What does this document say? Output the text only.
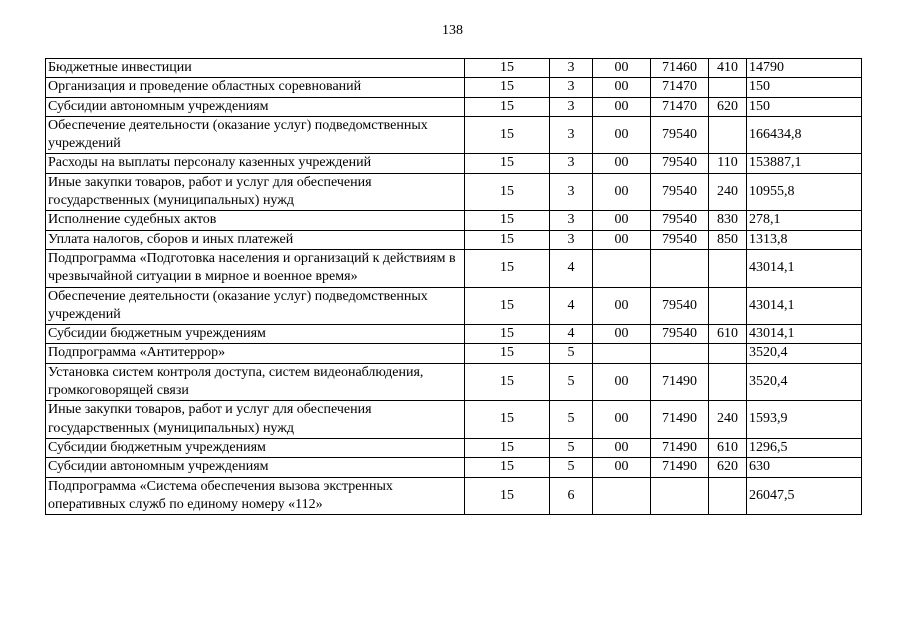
138
Бюджетные инвестиции	15	3	00	71460	410	14790
Организация и проведение областных соревнований	15	3	00	71470		150
Субсидии автономным учреждениям	15	3	00	71470	620	150
Обеспечение деятельности (оказание услуг) подведомственных учреждений	15	3	00	79540		166434,8
Расходы на выплаты персоналу казенных учреждений	15	3	00	79540	110	153887,1
Иные закупки товаров, работ и услуг для обеспечения государственных (муниципальных) нужд	15	3	00	79540	240	10955,8
Исполнение судебных актов	15	3	00	79540	830	278,1
Уплата налогов, сборов и иных платежей	15	3	00	79540	850	1313,8
Подпрограмма «Подготовка населения и организаций к действиям в чрезвычайной ситуации в мирное и военное время»	15	4				43014,1
Обеспечение деятельности (оказание услуг) подведомственных учреждений	15	4	00	79540		43014,1
Субсидии бюджетным учреждениям	15	4	00	79540	610	43014,1
Подпрограмма «Антитеррор»	15	5				3520,4
Установка систем контроля доступа, систем видеонаблюдения, громкоговорящей связи	15	5	00	71490		3520,4
Иные закупки товаров, работ и услуг для обеспечения государственных (муниципальных) нужд	15	5	00	71490	240	1593,9
Субсидии бюджетным учреждениям	15	5	00	71490	610	1296,5
Субсидии автономным учреждениям	15	5	00	71490	620	630
Подпрограмма «Система обеспечения вызова экстренных оперативных служб по единому номеру «112»	15	6				26047,5
